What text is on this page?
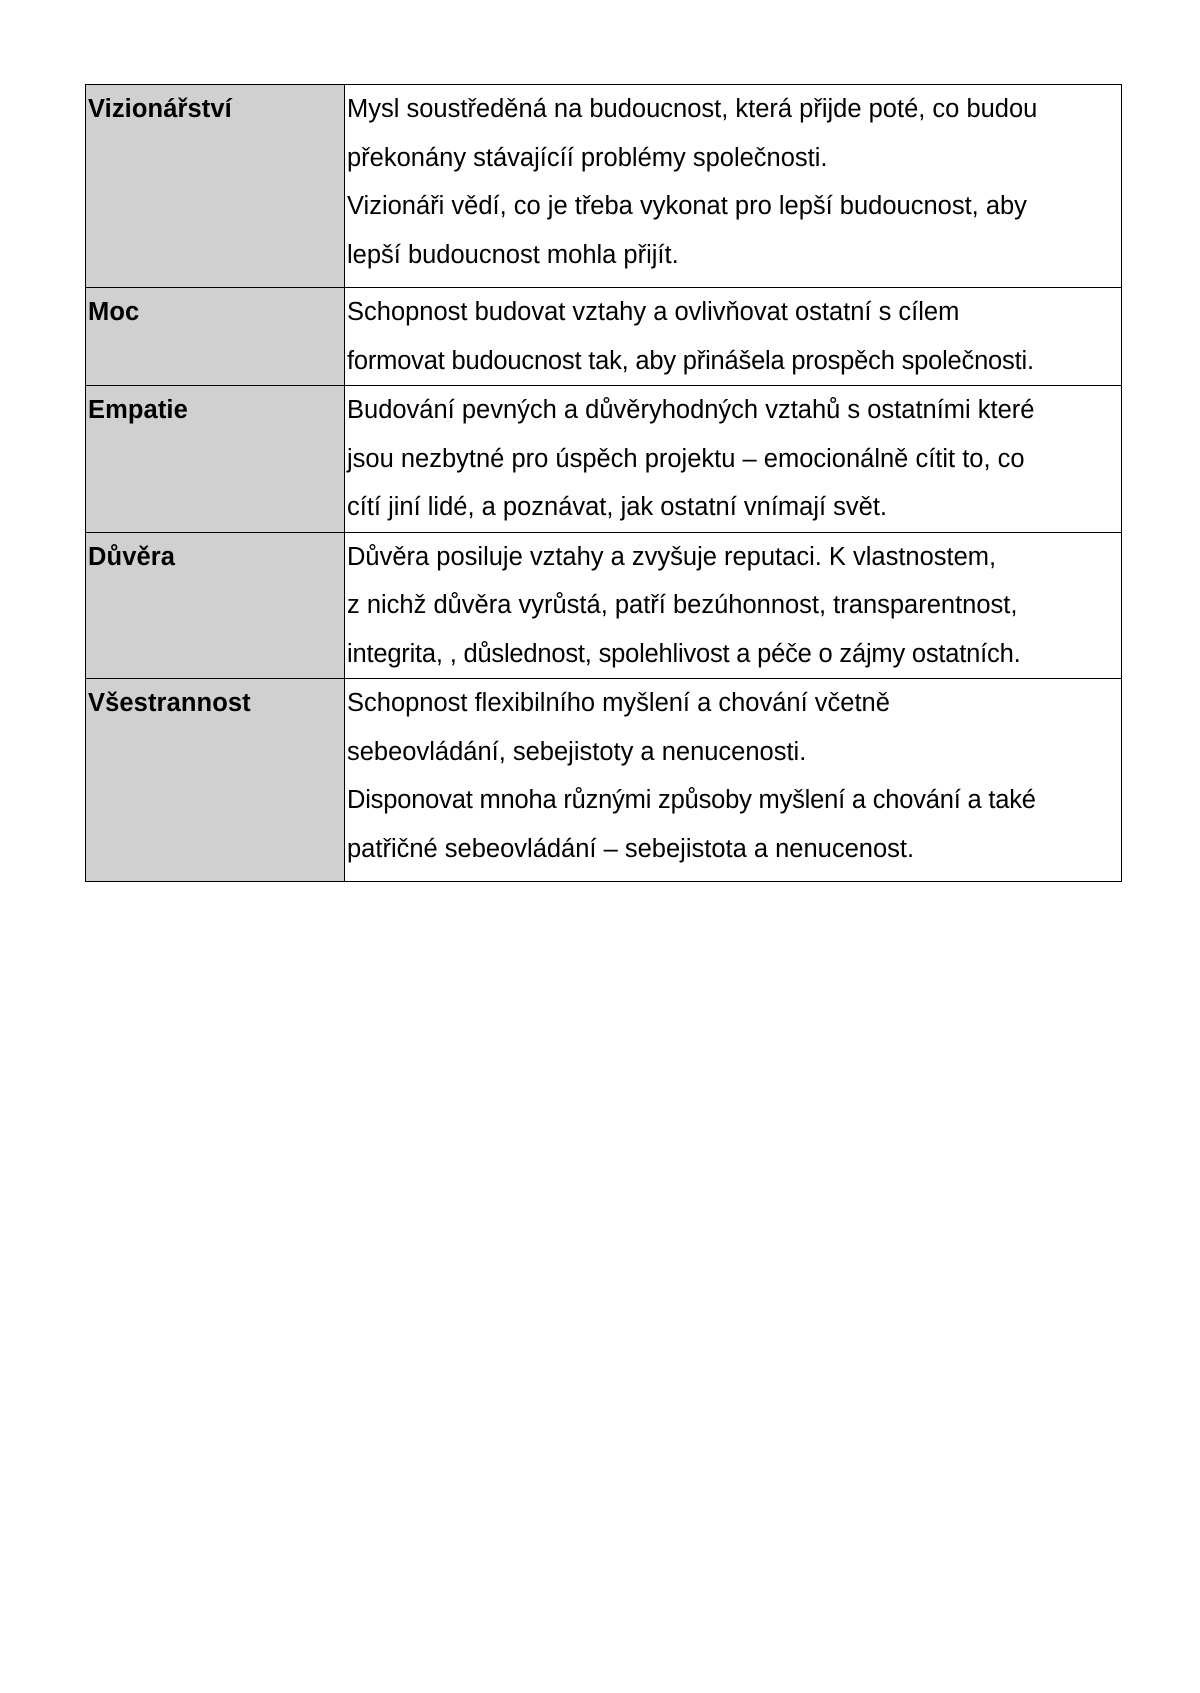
Vizionářství	Mysl soustředěná na budoucnost, která přijde poté, co budou
překonány stávajícíí problémy společnosti.
Vizionáři vědí, co je třeba vykonat pro lepší budoucnost, aby
lepší budoucnost mohla přijít.

Moc	Schopnost budovat vztahy a ovlivňovat ostatní s cílem
formovat budoucnost tak, aby přinášela prospěch společnosti.

Empatie	Budování pevných a důvěryhodných vztahů s ostatními které
jsou nezbytné pro úspěch projektu – emocionálně cítit to, co
cítí jiní lidé, a poznávat, jak ostatní vnímají svět.

Důvěra	Důvěra posiluje vztahy a zvyšuje reputaci. K vlastnostem,
z nichž důvěra vyrůstá, patří bezúhonnost, transparentnost,
integrita, , důslednost, spolehlivost a péče o zájmy ostatních.

Všestrannost	Schopnost flexibilního myšlení a chování včetně
sebeovládání, sebejistoty a nenucenosti.
Disponovat mnoha různými způsoby myšlení a chování a také
patřičné sebeovládání – sebejistota a nenucenost.
